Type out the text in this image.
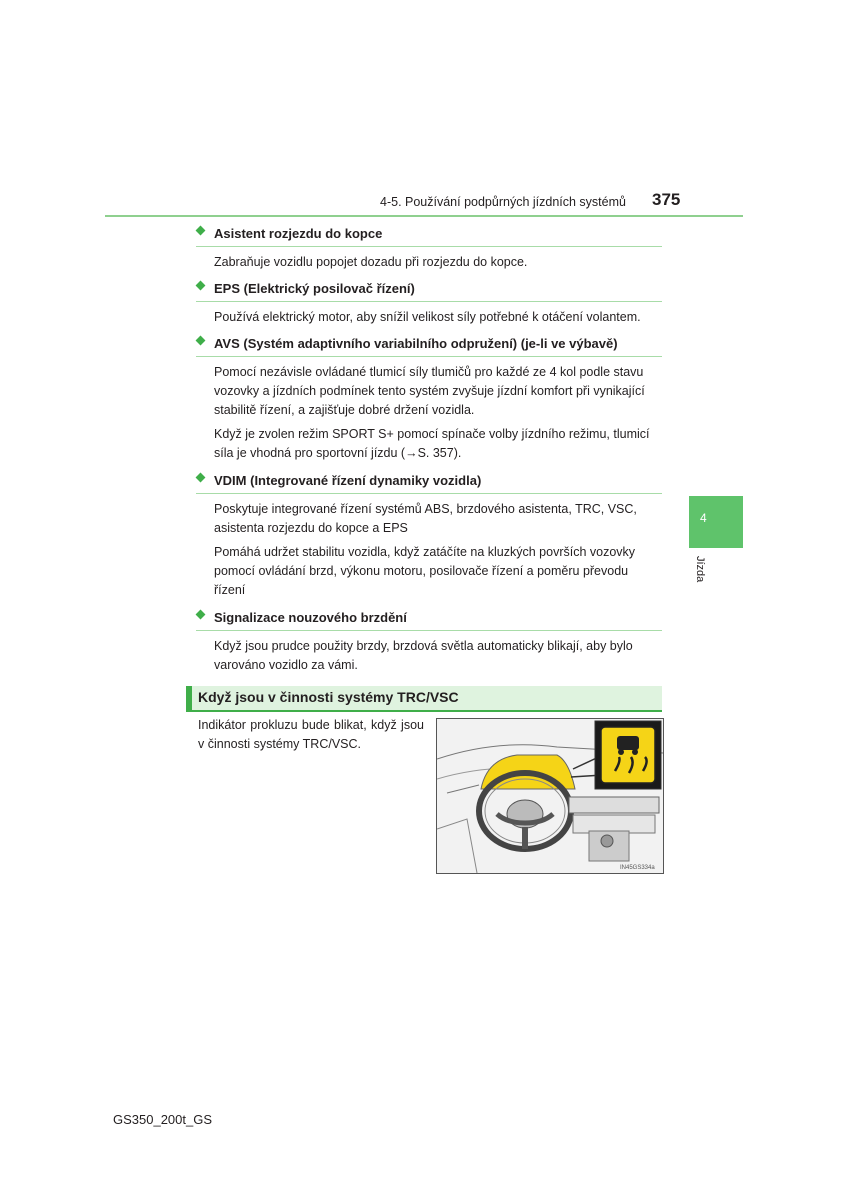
4-5. Používání podpůrných jízdních systémů 375
4
Jízda
Asistent rozjezdu do kopce

Zabraňuje vozidlu popojet dozadu při rozjezdu do kopce.

EPS (Elektrický posilovač řízení)

Používá elektrický motor, aby snížil velikost síly potřebné k otáčení volantem.

AVS (Systém adaptivního variabilního odpružení) (je-li ve výbavě)

Pomocí nezávisle ovládané tlumicí síly tlumičů pro každé ze 4 kol podle stavu vozovky a jízdních podmínek tento systém zvyšuje jízdní komfort při vynikající stabilitě řízení, a zajišťuje dobré držení vozidla.

Když je zvolen režim SPORT S+ pomocí spínače volby jízdního režimu, tlumicí síla je vhodná pro sportovní jízdu (→S. 357).

VDIM (Integrované řízení dynamiky vozidla)

Poskytuje integrované řízení systémů ABS, brzdového asistenta, TRC, VSC, asistenta rozjezdu do kopce a EPS

Pomáhá udržet stabilitu vozidla, když zatáčíte na kluzkých površích vozovky pomocí ovládání brzd, výkonu motoru, posilovače řízení a poměru převodu řízení

Signalizace nouzového brzdění

Když jsou prudce použity brzdy, brzdová světla automaticky blikají, aby bylo varováno vozidlo za vámi.

Když jsou v činnosti systémy TRC/VSC
Indikátor prokluzu bude blikat, když jsou v činnosti systémy TRC/VSC.
IN45GS334a
GS350_200t_GS
